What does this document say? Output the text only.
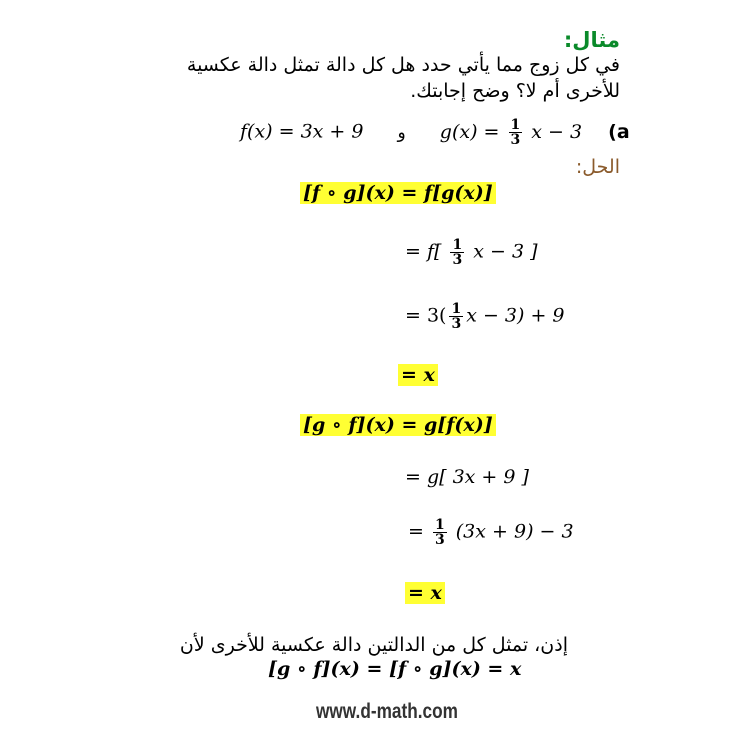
مثال:
في كل زوج مما يأتي حدد هل كل دالة تمثل دالة عكسية
للأخرى أم لا؟ وضح إجابتك.
f(x) = 3x + 9 و $g(x) = \frac{1}{3}$ x − 3 (a
الحل:
[f ∘ g](x) = f[g(x)]
= $f[ \frac{1}{3}$ x − 3 ]
= $3( \frac{1}{3}$ x − 3) + 9
= x
[g ∘ f](x) = g[f(x)]
= g[ 3x + 9 ]
= $\frac{1}{3} (3x + 9) - 3$
= x
إذن، تمثل كل من الدالتين دالة عكسية للأخرى لأن
[g ∘ f](x) = [f ∘ g](x) = x
www.d-math.com
